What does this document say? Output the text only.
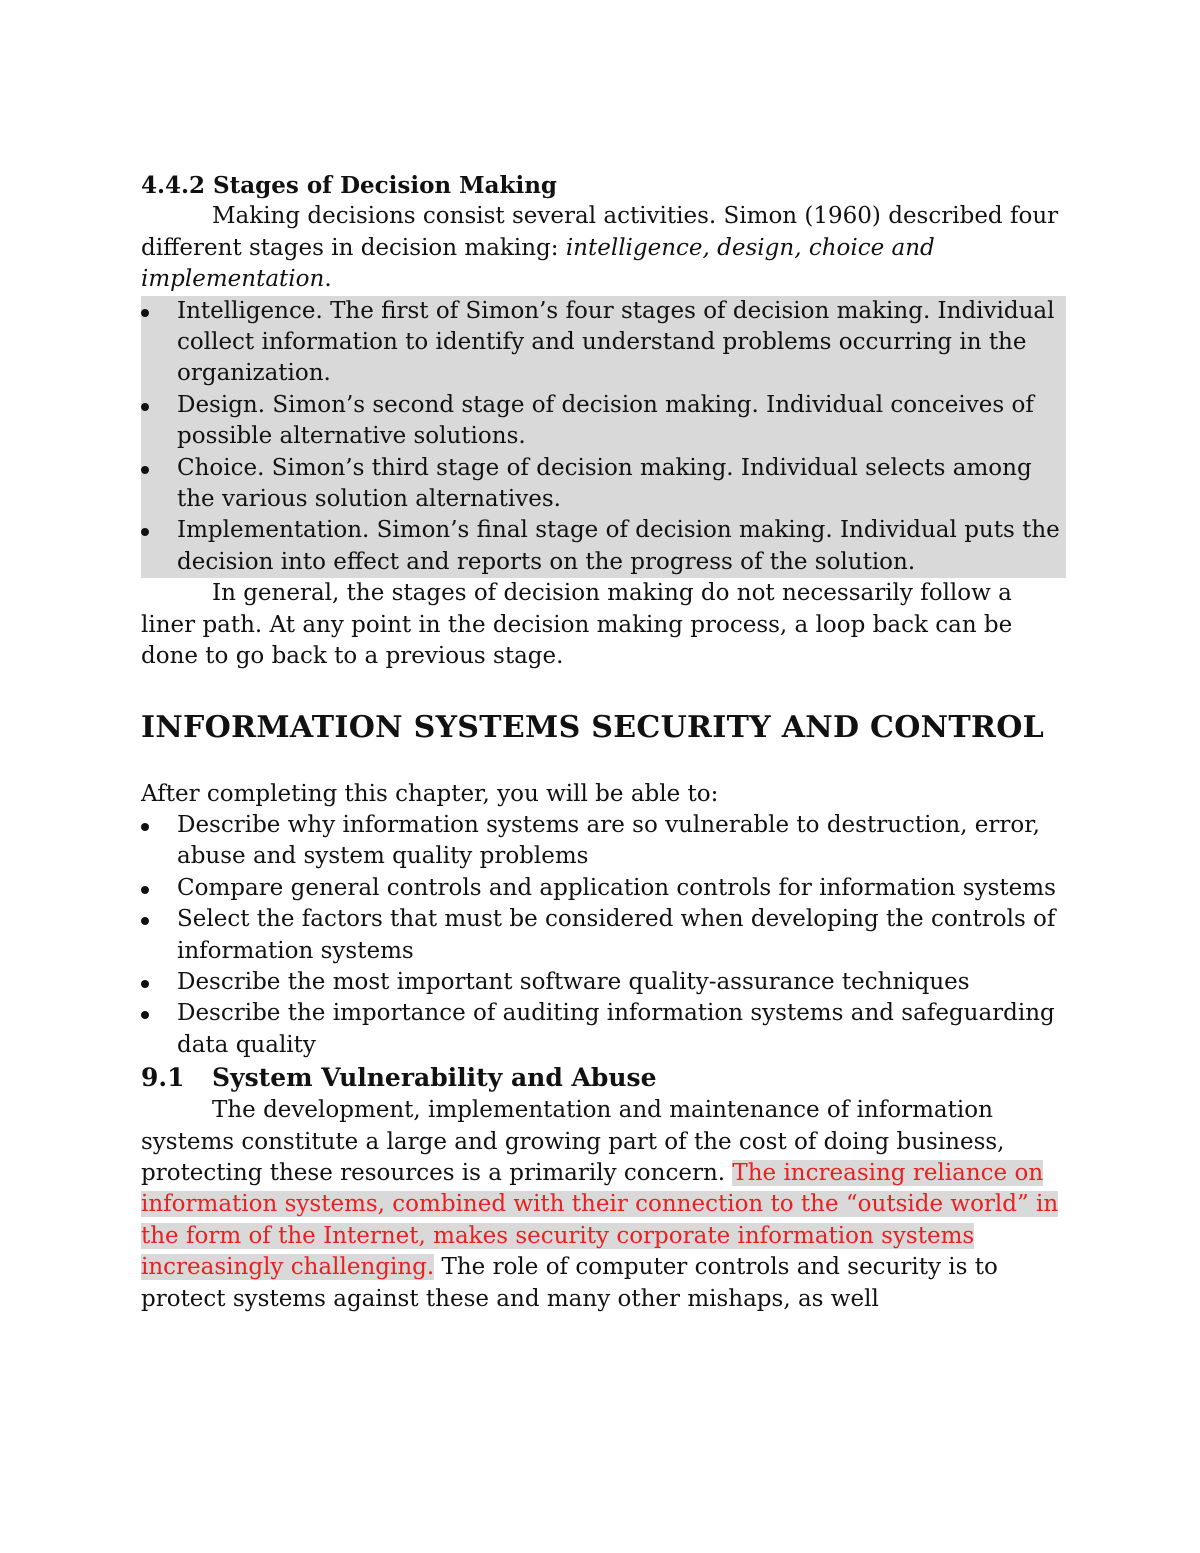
4.4.2 Stages of Decision Making

Making decisions consist several activities. Simon (1960) described four different stages in decision making: intelligence, design, choice and implementation.

Intelligence. The first of Simon’s four stages of decision making. Individual collect information to identify and understand problems occurring in the organization.
Design. Simon’s second stage of decision making. Individual conceives of possible alternative solutions.
Choice. Simon’s third stage of decision making. Individual selects among the various solution alternatives.
Implementation. Simon’s final stage of decision making. Individual puts the decision into effect and reports on the progress of the solution.

In general, the stages of decision making do not necessarily follow a liner path. At any point in the decision making process, a loop back can be done to go back to a previous stage.

INFORMATION SYSTEMS SECURITY AND CONTROL

After completing this chapter, you will be able to:

Describe why information systems are so vulnerable to destruction, error, abuse and system quality problems
Compare general controls and application controls for information systems
Select the factors that must be considered when developing the controls of information systems
Describe the most important software quality-assurance techniques
Describe the importance of auditing information systems and safeguarding data quality

9.1 System Vulnerability and Abuse

The development, implementation and maintenance of information systems constitute a large and growing part of the cost of doing business, protecting these resources is a primarily concern. The increasing reliance on information systems, combined with their connection to the “outside world” in the form of the Internet, makes security corporate information systems increasingly challenging. The role of computer controls and security is to protect systems against these and many other mishaps, as well
